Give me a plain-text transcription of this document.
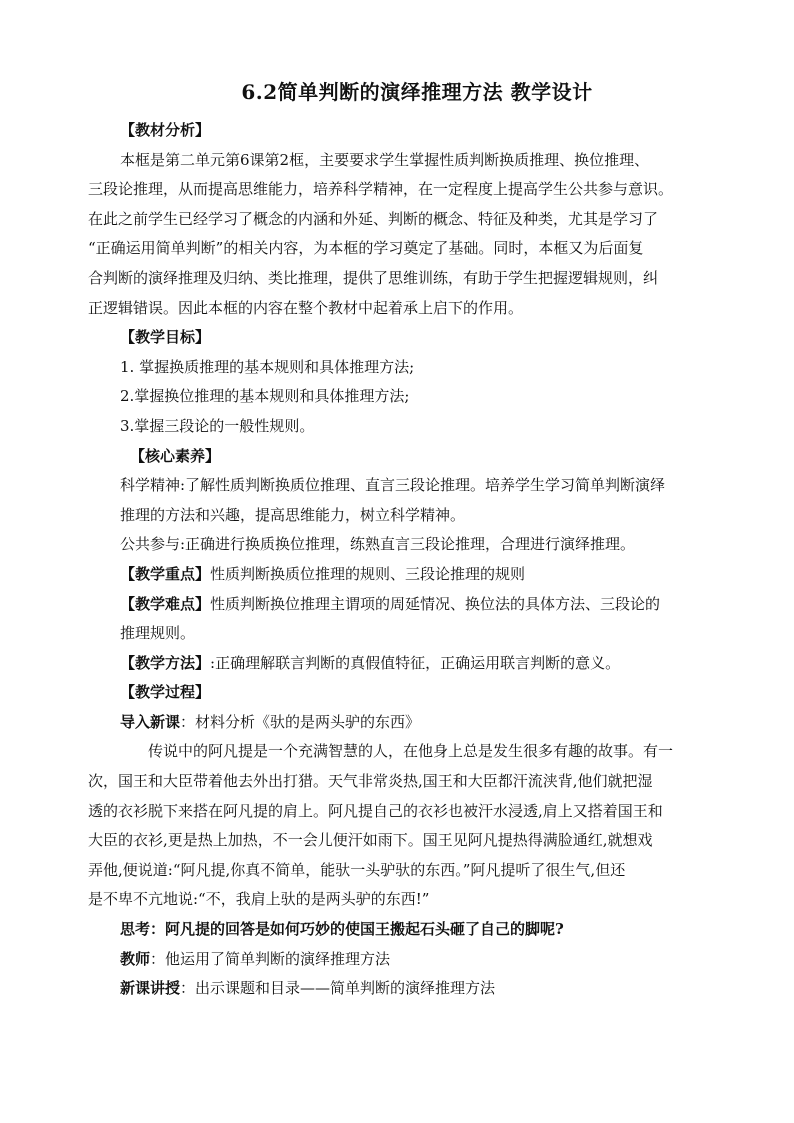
6.2简单判断的演绎推理方法 教学设计
【教材分析】
本框是第二单元第6课第2框，主要要求学生掌握性质判断换质推理、换位推理、
三段论推理，从而提高思维能力，培养科学精神，在一定程度上提高学生公共参与意识。
在此之前学生已经学习了概念的内涵和外延、判断的概念、特征及种类，尤其是学习了
“正确运用简单判断”的相关内容，为本框的学习奠定了基础。同时，本框又为后面复
合判断的演绎推理及归纳、类比推理，提供了思维训练，有助于学生把握逻辑规则，纠
正逻辑错误。因此本框的内容在整个教材中起着承上启下的作用。
【教学目标】
1. 掌握换质推理的基本规则和具体推理方法;
2.掌握换位推理的基本规则和具体推理方法;
3.掌握三段论的一般性规则。
【核心素养】
科学精神:了解性质判断换质位推理、直言三段论推理。培养学生学习简单判断演绎
推理的方法和兴趣，提高思维能力，树立科学精神。
公共参与:正确进行换质换位推理，练熟直言三段论推理，合理进行演绎推理。
【教学重点】性质判断换质位推理的规则、三段论推理的规则
【教学难点】性质判断换位推理主谓项的周延情况、换位法的具体方法、三段论的
推理规则。
【教学方法】:正确理解联言判断的真假值特征，正确运用联言判断的意义。
【教学过程】
导入新课：材料分析《驮的是两头驴的东西》
传说中的阿凡提是一个充满智慧的人，在他身上总是发生很多有趣的故事。有一
次，国王和大臣带着他去外出打猎。天气非常炎热,国王和大臣都汗流浃背,他们就把湿
透的衣衫脱下来搭在阿凡提的肩上。阿凡提自己的衣衫也被汗水浸透,肩上又搭着国王和
大臣的衣衫,更是热上加热，不一会儿便汗如雨下。国王见阿凡提热得满脸通红,就想戏
弄他,便说道:“阿凡提,你真不简单，能驮一头驴驮的东西。”阿凡提听了很生气,但还
是不卑不亢地说:“不，我肩上驮的是两头驴的东西!”
思考：阿凡提的回答是如何巧妙的使国王搬起石头砸了自己的脚呢?
教师：他运用了简单判断的演绎推理方法
新课讲授：出示课题和目录——简单判断的演绎推理方法
